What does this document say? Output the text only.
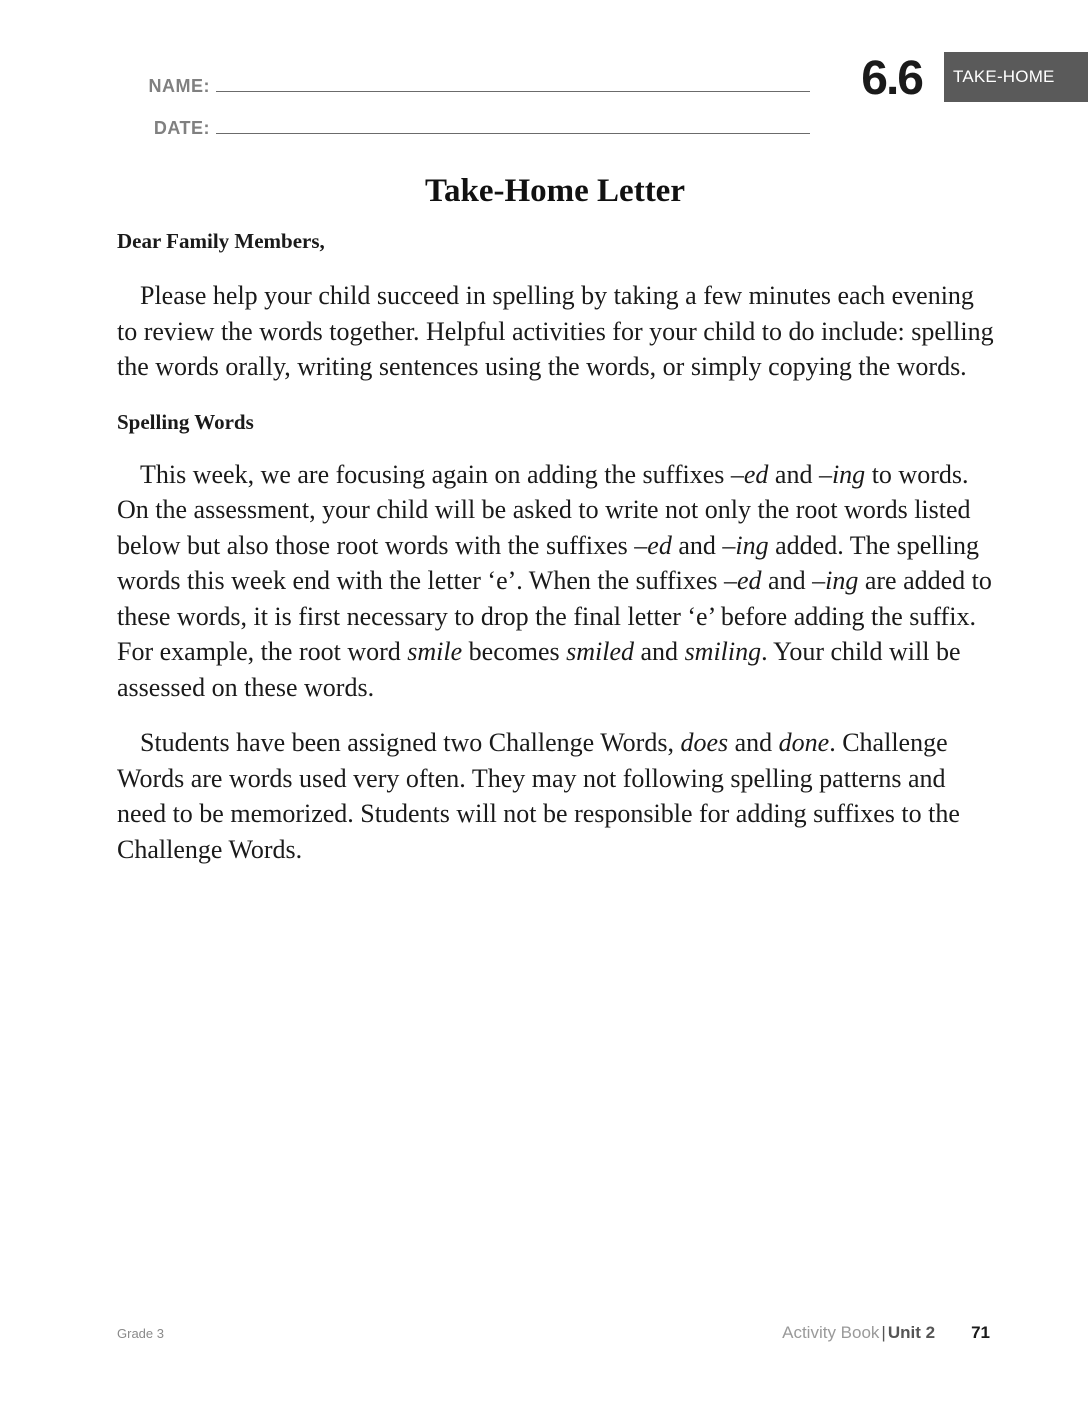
NAME:
DATE:
6.6	TAKE-HOME
Take-Home Letter

Dear Family Members,

Please help your child succeed in spelling by taking a few minutes each evening to review the words together. Helpful activities for your child to do include: spelling the words orally, writing sentences using the words, or simply copying the words.

Spelling Words

This week, we are focusing again on adding the suffixes –ed and –ing to words. On the assessment, your child will be asked to write not only the root words listed below but also those root words with the suffixes –ed and –ing added. The spelling words this week end with the letter ‘e’. When the suffixes –ed and –ing are added to these words, it is first necessary to drop the final letter ‘e’ before adding the suffix. For example, the root word smile becomes smiled and smiling. Your child will be assessed on these words.

Students have been assigned two Challenge Words, does and done. Challenge Words are words used very often. They may not following spelling patterns and need to be memorized. Students will not be responsible for adding suffixes to the Challenge Words.

Grade 3	Activity Book | Unit 2 71
